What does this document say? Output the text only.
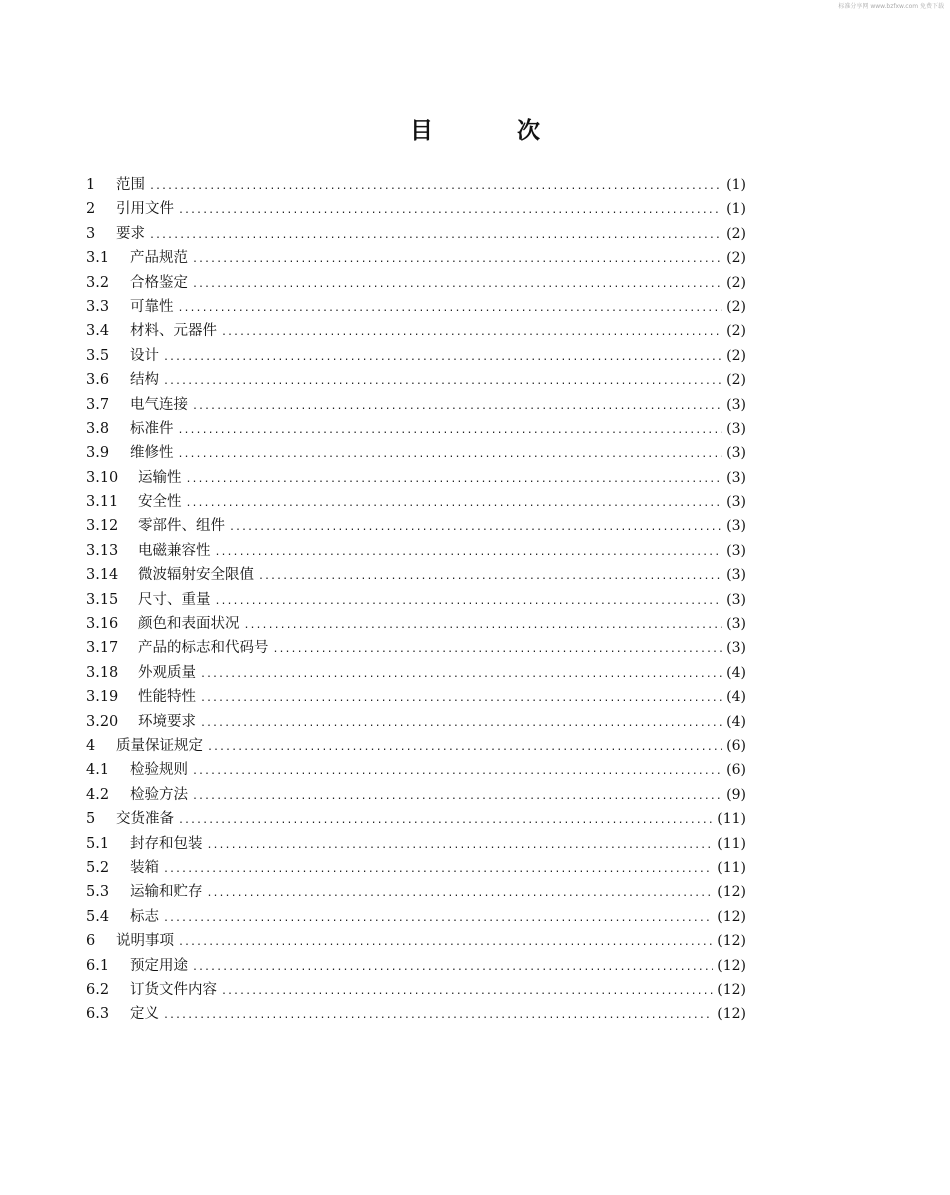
标准分享网 www.bzfxw.com 免费下载
目	次
1	范围 .....	(1)
2	引用文件 .....	(1)
3	要求 .....	(2)
3.1	产品规范 .....	(2)
3.2	合格鉴定 .....	(2)
3.3	可靠性 .....	(2)
3.4	材料、元器件 .....	(2)
3.5	设计 .....	(2)
3.6	结构 .....	(2)
3.7	电气连接 .....	(3)
3.8	标准件 .....	(3)
3.9	维修性 .....	(3)
3.10	运输性 .....	(3)
3.11	安全性 .....	(3)
3.12	零部件、组件 .....	(3)
3.13	电磁兼容性 .....	(3)
3.14	微波辐射安全限值 .....	(3)
3.15	尺寸、重量 .....	(3)
3.16	颜色和表面状况 .....	(3)
3.17	产品的标志和代码号 .....	(3)
3.18	外观质量 .....	(4)
3.19	性能特性 .....	(4)
3.20	环境要求 .....	(4)
4	质量保证规定 .....	(6)
4.1	检验规则 .....	(6)
4.2	检验方法 .....	(9)
5	交货准备 .....	(11)
5.1	封存和包装 .....	(11)
5.2	装箱 .....	(11)
5.3	运输和贮存 .....	(12)
5.4	标志 .....	(12)
6	说明事项 .....	(12)
6.1	预定用途 .....	(12)
6.2	订货文件内容 .....	(12)
6.3	定义 .....	(12)
